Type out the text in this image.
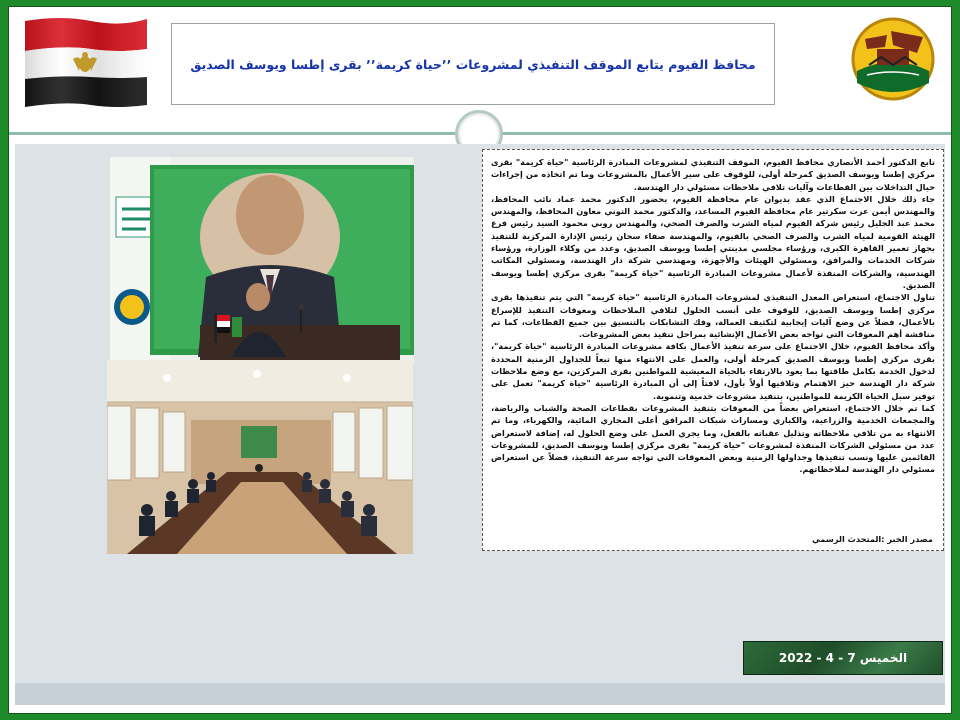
محافظ الفيوم يتابع الموقف التنفيذي لمشروعات ٬٬حياة كريمة٬٬ بقرى إطسا ويوسف الصديق

تابع الدكتور أحمد الأنصاري محافظ الفيوم، الموقف التنفيذي لمشروعات المبادرة الرئاسية "حياة كريمة" بقرى مركزي إطسا ويوسف الصديق كمرحلة أولى، للوقوف على سير الأعمال بالمشروعات وما تم اتخاذه من إجراءات حيال التداخلات بين القطاعات وآليات تلافي ملاحظات مسئولي دار الهندسة.

جاء ذلك خلال الاجتماع الذي عقد بديوان عام محافظة الفيوم، بحضور الدكتور محمد عماد نائب المحافظ، والمهندس أيمن عزت سكرتير عام محافظة الفيوم المساعد، والدكتور محمد التوني معاون المحافظ، والمهندس محمد عبد الجليل رئيس شركة الفيوم لمياه الشرب والصرف الصحي، والمهندس روبي محمود السيد رئيس فرع الهيئة القومية لمياه الشرب والصرف الصحي بالفيوم، والمهندسة صفاء سحان رئيس الإدارة المركزية للتنفيذ بجهاز تعمير القاهرة الكبرى، ورؤساء مجلسي مدينتي إطسا ويوسف الصديق، وعدد من وكلاء الوزارة، ورؤساء شركات الخدمات والمرافق، ومسئولي الهيئات والأجهزة، ومهندسي شركة دار الهندسة، ومسئولي المكاتب الهندسية، والشركات المنفذة لأعمال مشروعات المبادرة الرئاسية "حياة كريمة" بقرى مركزي إطسا ويوسف الصديق.

تناول الاجتماع، استعراض المعدل التنفيذي لمشروعات المبادرة الرئاسية "حياة كريمة" التي يتم تنفيذها بقرى مركزي إطسا ويوسف الصديق، للوقوف على أنسب الحلول لتلافي الملاحظات ومعوقات التنفيذ للإسراع بالأعمال، فضلاً عن وضع آليات إيجابية لتكثيف العمالة، وفك التشابكات بالتنسيق بين جميع القطاعات، كما تم مناقشة أهم المعوقات التي تواجه بعض الأعمال الإنشائية بمراحل تنفيذ بعض المشروعات.

وأكد محافظ الفيوم، خلال الاجتماع على سرعة تنفيذ الأعمال بكافة مشروعات المبادرة الرئاسية "حياة كريمة"، بقرى مركزي إطسا ويوسف الصديق كمرحلة أولى، والعمل على الانتهاء منها تبعاً للجداول الزمنية المحددة لدخول الخدمة بكامل طاقتها بما يعود بالارتقاء بالحياة المعيشية للمواطنين بقرى المركزين، مع وضع ملاحظات شركة دار الهندسة حيز الاهتمام وتلافيها أولاً بأول، لافتاً إلى أن المبادرة الرئاسية "حياة كريمة" تعمل على توفير سبل الحياة الكريمة للمواطنين، بتنفيذ مشروعات خدمية وتنموية.

كما تم خلال الاجتماع، استعراض بعضاً من المعوقات بتنفيذ المشروعات بقطاعات الصحة والشباب والرياضة، والمجمعات الخدمية والزراعية، والكباري ومسارات شبكات المرافق أعلى المجاري المائية، والكهرباء، وما تم الانتهاء به من تلافي ملاحظاته وتذليل عقباته بالفعل، وما يجري العمل على وضع الحلول له، إضافة لاستعراض عدد من مسئولي الشركات المنفذة لمشروعات "حياة كريمة" بقرى مركزي إطسا ويوسف الصديق، للمشروعات القائمين عليها ونسب تنفيذها وجداولها الزمنية وبعض المعوقات التي تواجه سرعة التنفيذ، فضلاً عن استعراض مسئولي دار الهندسة لملاحظاتهم.

مصدر الخبر :المتحدث الرسمي
الخميس 7 - 4 - 2022
